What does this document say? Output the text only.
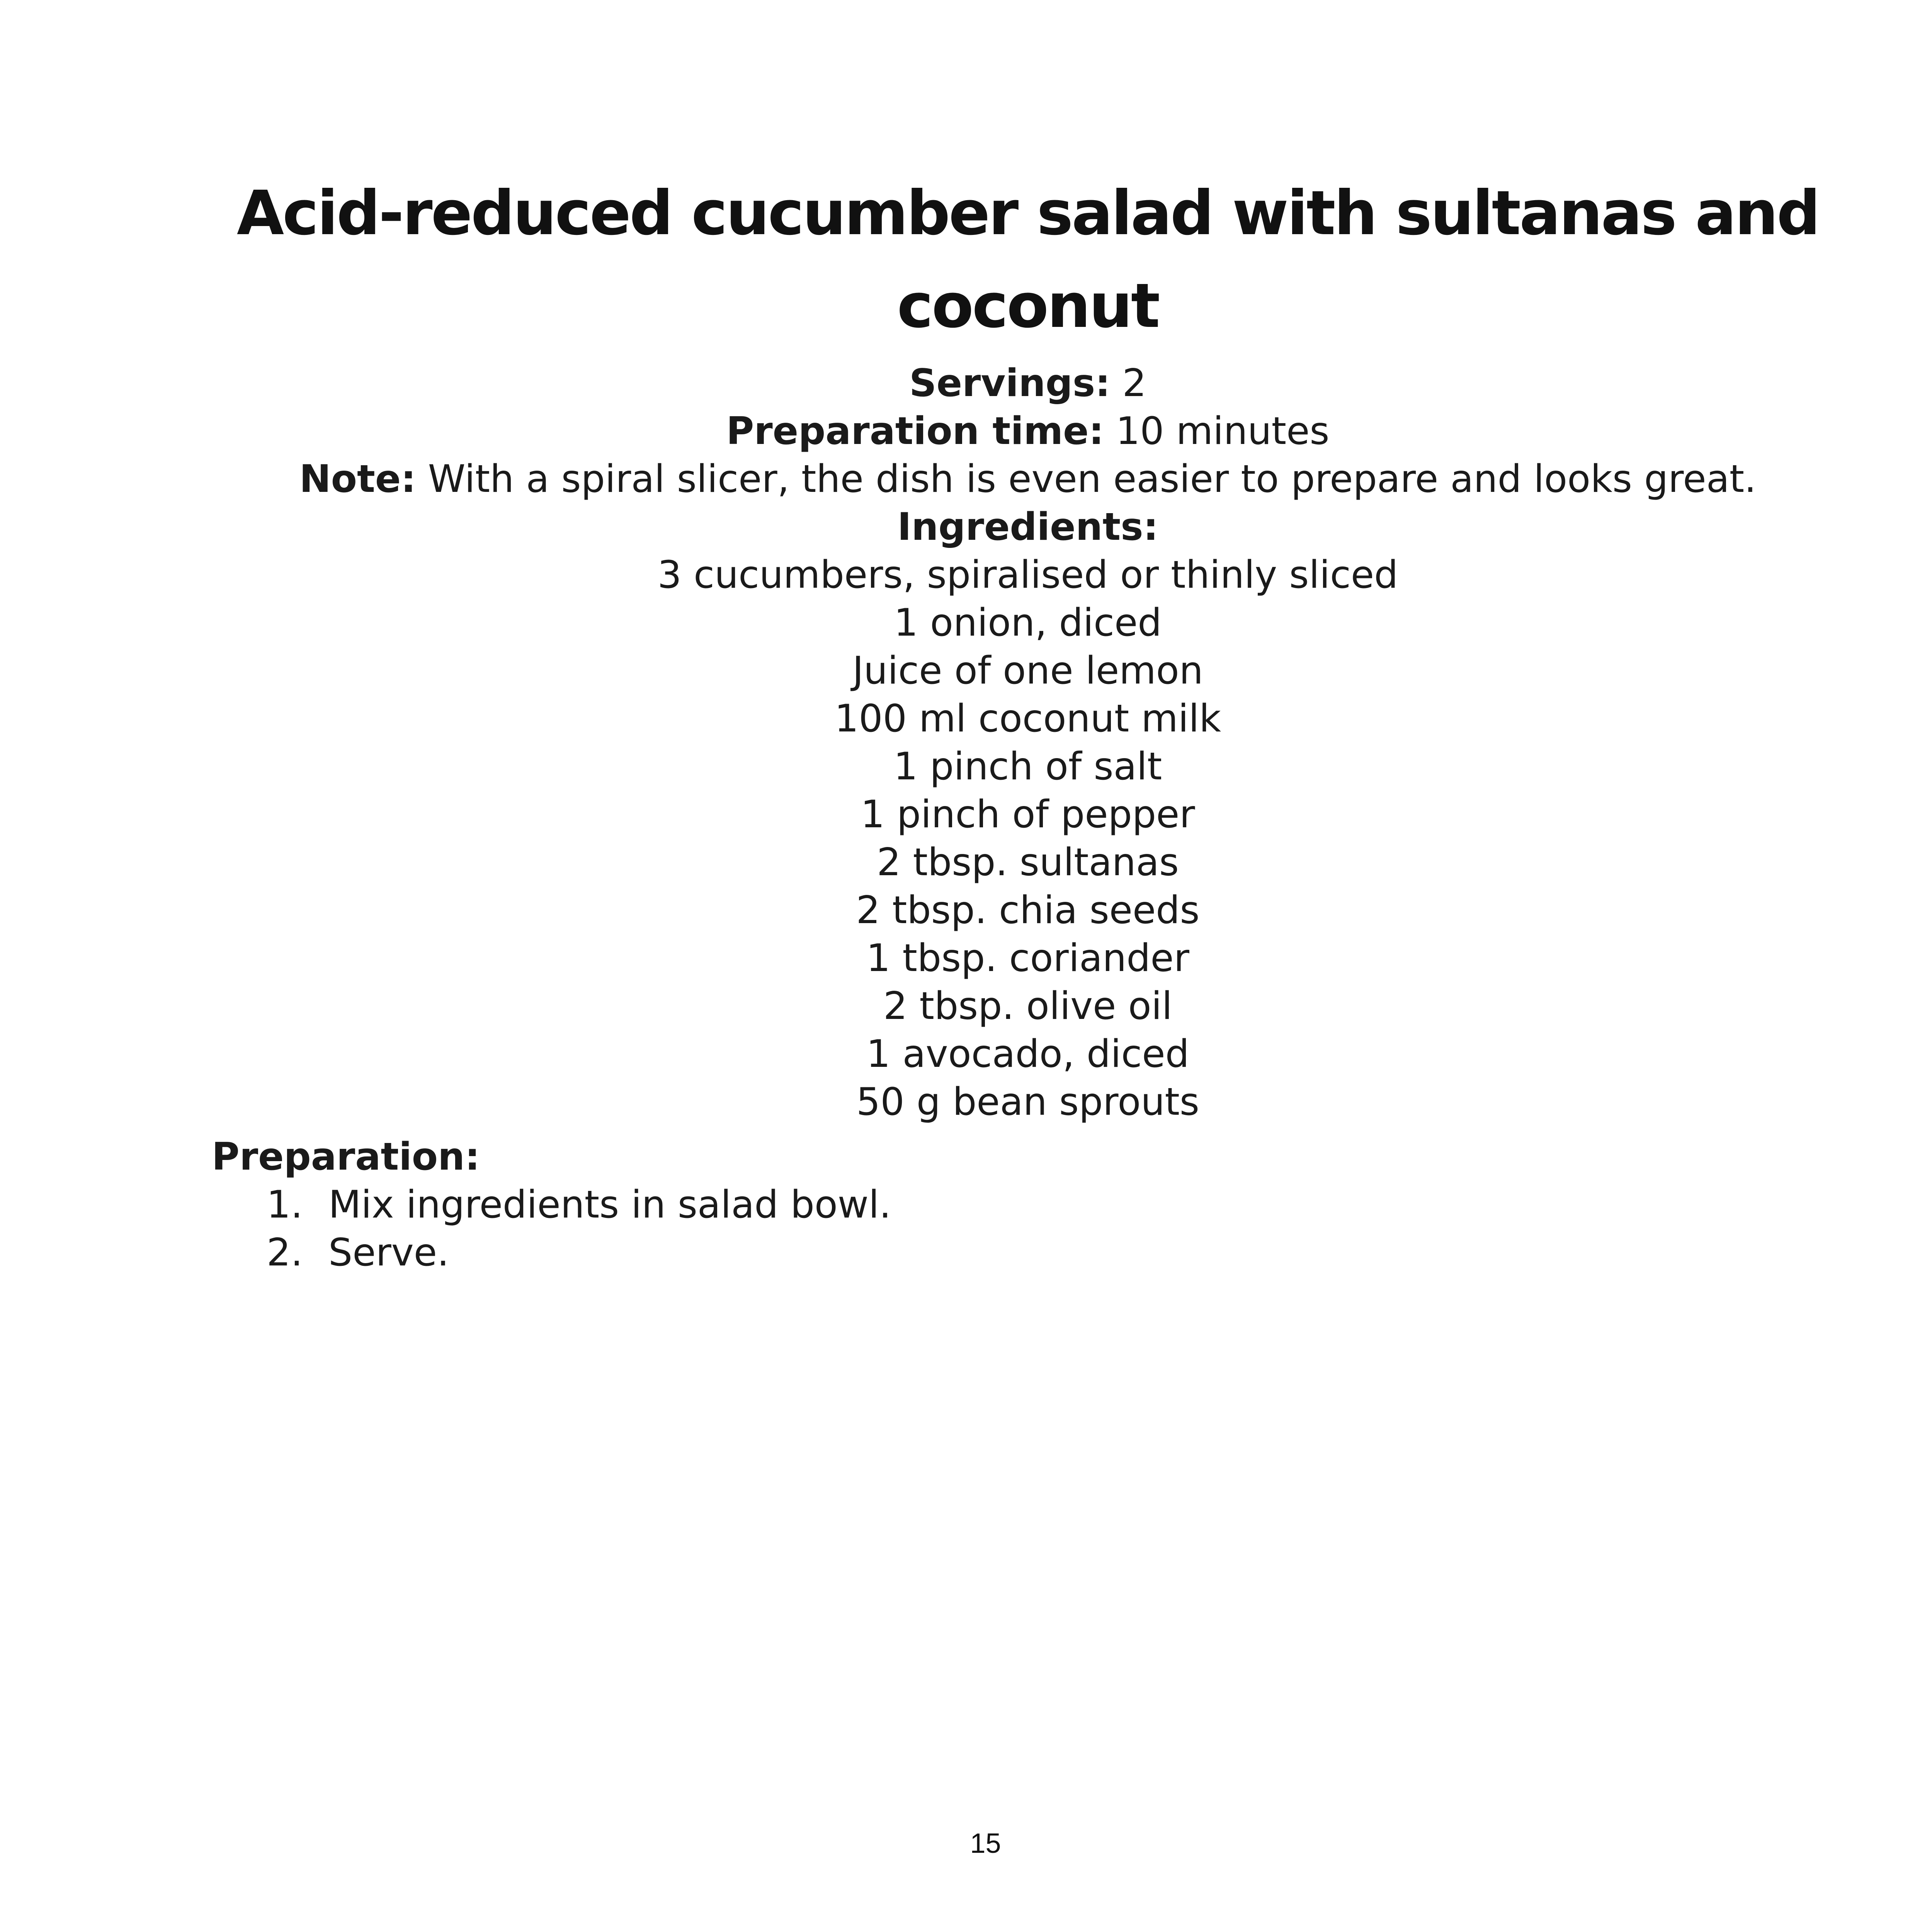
Acid-reduced cucumber salad with sultanas and
coconut
Servings: 2
Preparation time: 10 minutes
Note: With a spiral slicer, the dish is even easier to prepare and looks great.
Ingredients:
3 cucumbers, spiralised or thinly sliced
1 onion, diced
Juice of one lemon
100 ml coconut milk
1 pinch of salt
1 pinch of pepper
2 tbsp. sultanas
2 tbsp. chia seeds
1 tbsp. coriander
2 tbsp. olive oil
1 avocado, diced
50 g bean sprouts
Preparation:
1. Mix ingredients in salad bowl.
2. Serve.
15
